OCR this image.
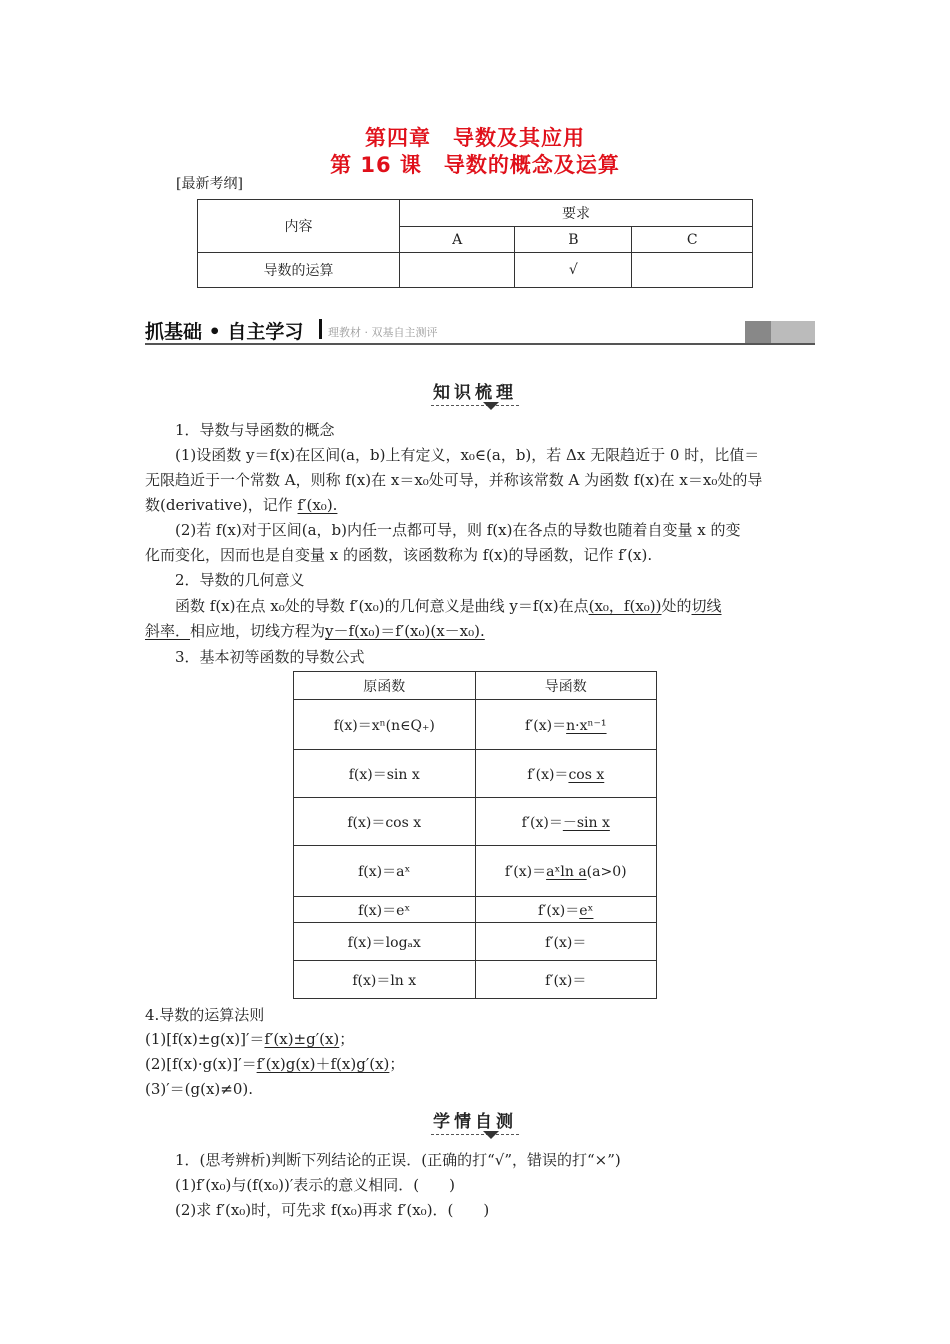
第四章　导数及其应用
第 16 课　导数的概念及运算
[最新考纲]
内容	要求		
	A	B	C
导数的运算		√	
抓基础 • 自主学习 理教材 · 双基自主测评
知识梳理
1．导数与导函数的概念
(1)设函数 y＝f(x)在区间(a，b)上有定义，x₀∈(a，b)，若 Δx 无限趋近于 0 时，比值＝
无限趋近于一个常数 A，则称 f(x)在 x＝x₀处可导，并称该常数 A 为函数 f(x)在 x＝x₀处的导
数(derivative)，记作 f′(x₀).
(2)若 f(x)对于区间(a，b)内任一点都可导，则 f(x)在各点的导数也随着自变量 x 的变
化而变化，因而也是自变量 x 的函数，该函数称为 f(x)的导函数，记作 f′(x).
2．导数的几何意义
函数 f(x)在点 x₀处的导数 f′(x₀)的几何意义是曲线 y＝f(x)在点(x₀，f(x₀))处的切线
斜率．相应地，切线方程为y－f(x₀)＝f′(x₀)(x－x₀).
3．基本初等函数的导数公式
原函数	导函数
f(x)＝xⁿ(n∈Q₊)	f′(x)＝n·xⁿ⁻¹
f(x)＝sin x	f′(x)＝cos x
f(x)＝cos x	f′(x)＝－sin x
f(x)＝aˣ	f′(x)＝aˣln a(a>0)
f(x)＝eˣ	f′(x)＝eˣ
f(x)＝logₐx	f′(x)＝
f(x)＝ln x	f′(x)＝
4.导数的运算法则
(1)[f(x)±g(x)]′＝f′(x)±g′(x)；
(2)[f(x)·g(x)]′＝f′(x)g(x)＋f(x)g′(x)；
(3)′＝(g(x)≠0).
学情自测
1．(思考辨析)判断下列结论的正误．(正确的打“√”，错误的打“×”)
(1)f′(x₀)与(f(x₀))′表示的意义相同．(　　)
(2)求 f′(x₀)时，可先求 f(x₀)再求 f′(x₀)．(　　)
